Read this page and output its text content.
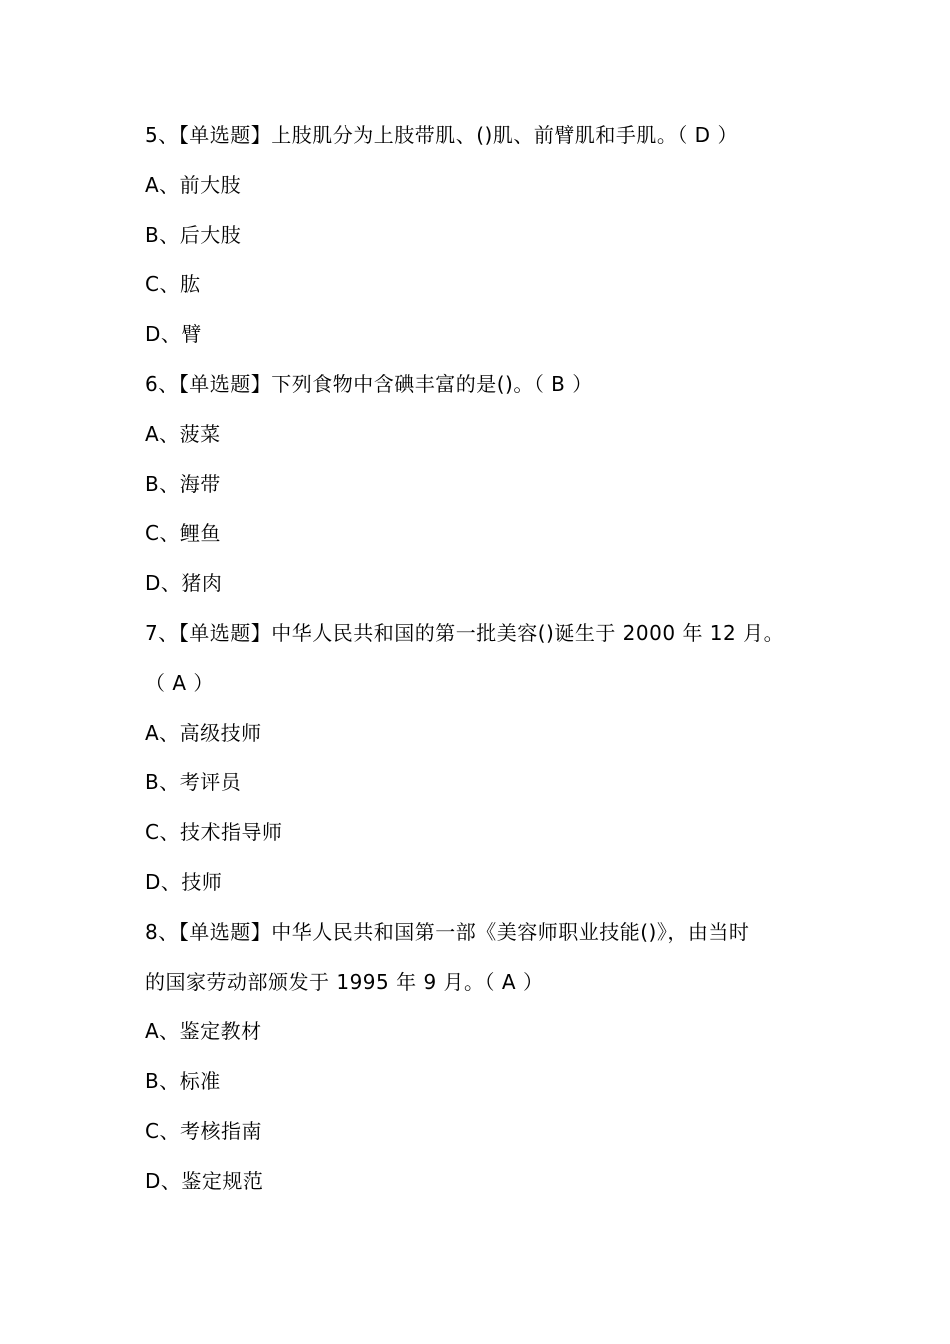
5、【单选题】上肢肌分为上肢带肌、()肌、前臂肌和手肌。（ D ）
A、前大肢
B、后大肢
C、肱
D、臂
6、【单选题】下列食物中含碘丰富的是()。（ B ）
A、菠菜
B、海带
C、鲤鱼
D、猪肉
7、【单选题】中华人民共和国的第一批美容()诞生于 2000 年 12 月。
（ A ）
A、高级技师
B、考评员
C、技术指导师
D、技师
8、【单选题】中华人民共和国第一部《美容师职业技能()》，由当时
的国家劳动部颁发于 1995 年 9 月。（ A ）
A、鉴定教材
B、标准
C、考核指南
D、鉴定规范
